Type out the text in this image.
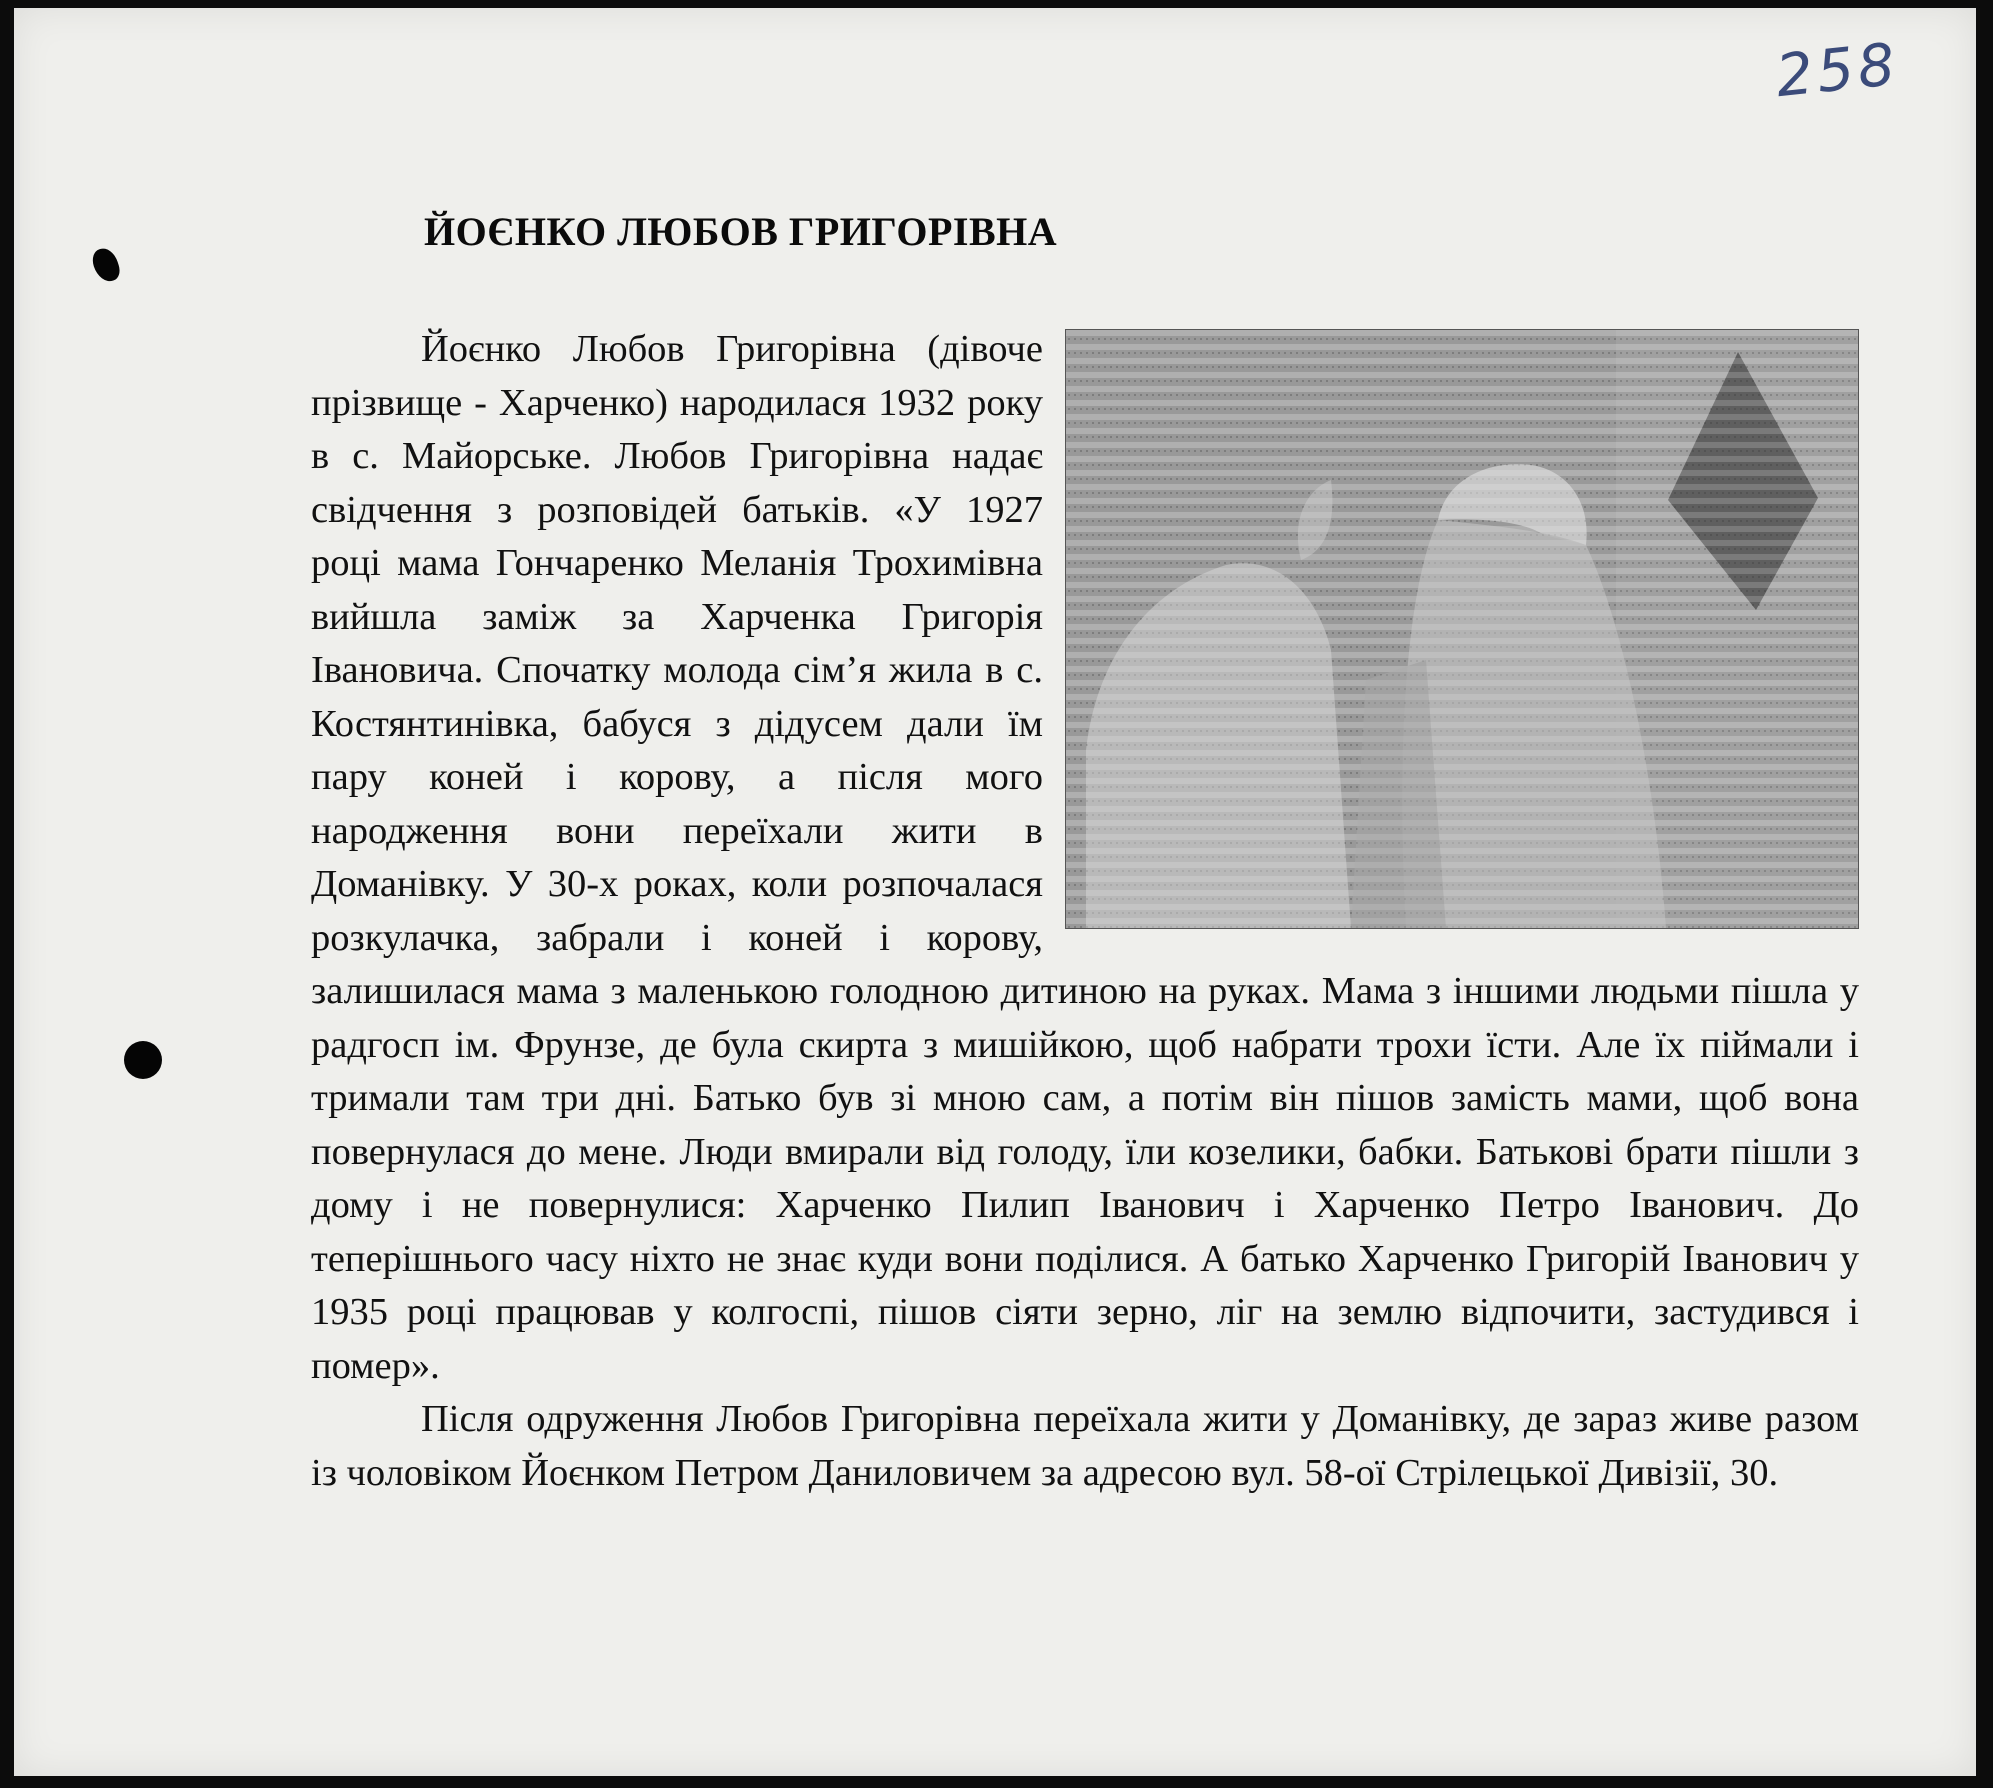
258
ЙОЄНКО ЛЮБОВ ГРИГОРІВНА

Йоєнко Любов Григорівна (дівоче прізвище - Харченко) народилася 1932 року в с. Майорське. Любов Григорівна надає свідчення з розповідей батьків. «У 1927 році мама Гончаренко Меланія Трохимівна вийшла заміж за Харченка Григорія Івановича. Спочатку молода сім’я жила в с. Костянтинівка, бабуся з дідусем дали їм пару коней і корову, а після мого народження вони переїхали жити в Доманівку. У 30-х роках, коли розпочалася розкулачка, забрали і коней і корову, залишилася мама з маленькою голодною дитиною на руках. Мама з іншими людьми пішла у радгосп ім. Фрунзе, де була скирта з мишійкою, щоб набрати трохи їсти. Але їх піймали і тримали там три дні. Батько був зі мною сам, а потім він пішов замість мами, щоб вона повернулася до мене. Люди вмирали від голоду, їли козелики, бабки. Батькові брати пішли з дому і не повернулися: Харченко Пилип Іванович і Харченко Петро Іванович. До теперішнього часу ніхто не знає куди вони поділися. А батько Харченко Григорій Іванович у 1935 році працював у колгоспі, пішов сіяти зерно, ліг на землю відпочити, застудився і помер».

Після одруження Любов Григорівна переїхала жити у Доманівку, де зараз живе разом із чоловіком Йоєнком Петром Даниловичем за адресою вул. 58-ої Стрілецької Дивізії, 30.
